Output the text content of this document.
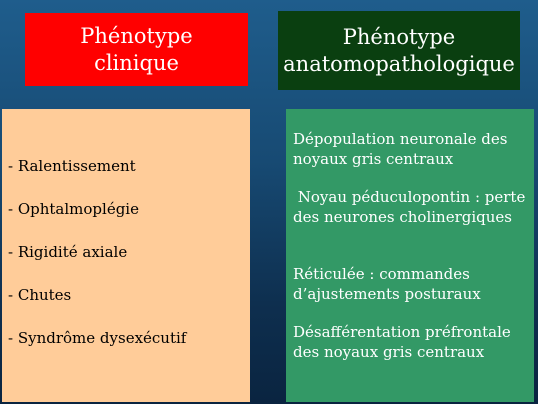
Phénotype
clinique
Phénotype
anatomopathologique
- Ralentissement
- Ophtalmoplégie
- Rigidité axiale
- Chutes
- Syndrôme dysexécutif
Dépopulation neuronale des
noyaux gris centraux
Noyau péduculopontin : perte
des neurones cholinergiques
Réticulée : commandes
d’ajustements posturaux
Désafférentation préfrontale
des noyaux gris centraux
